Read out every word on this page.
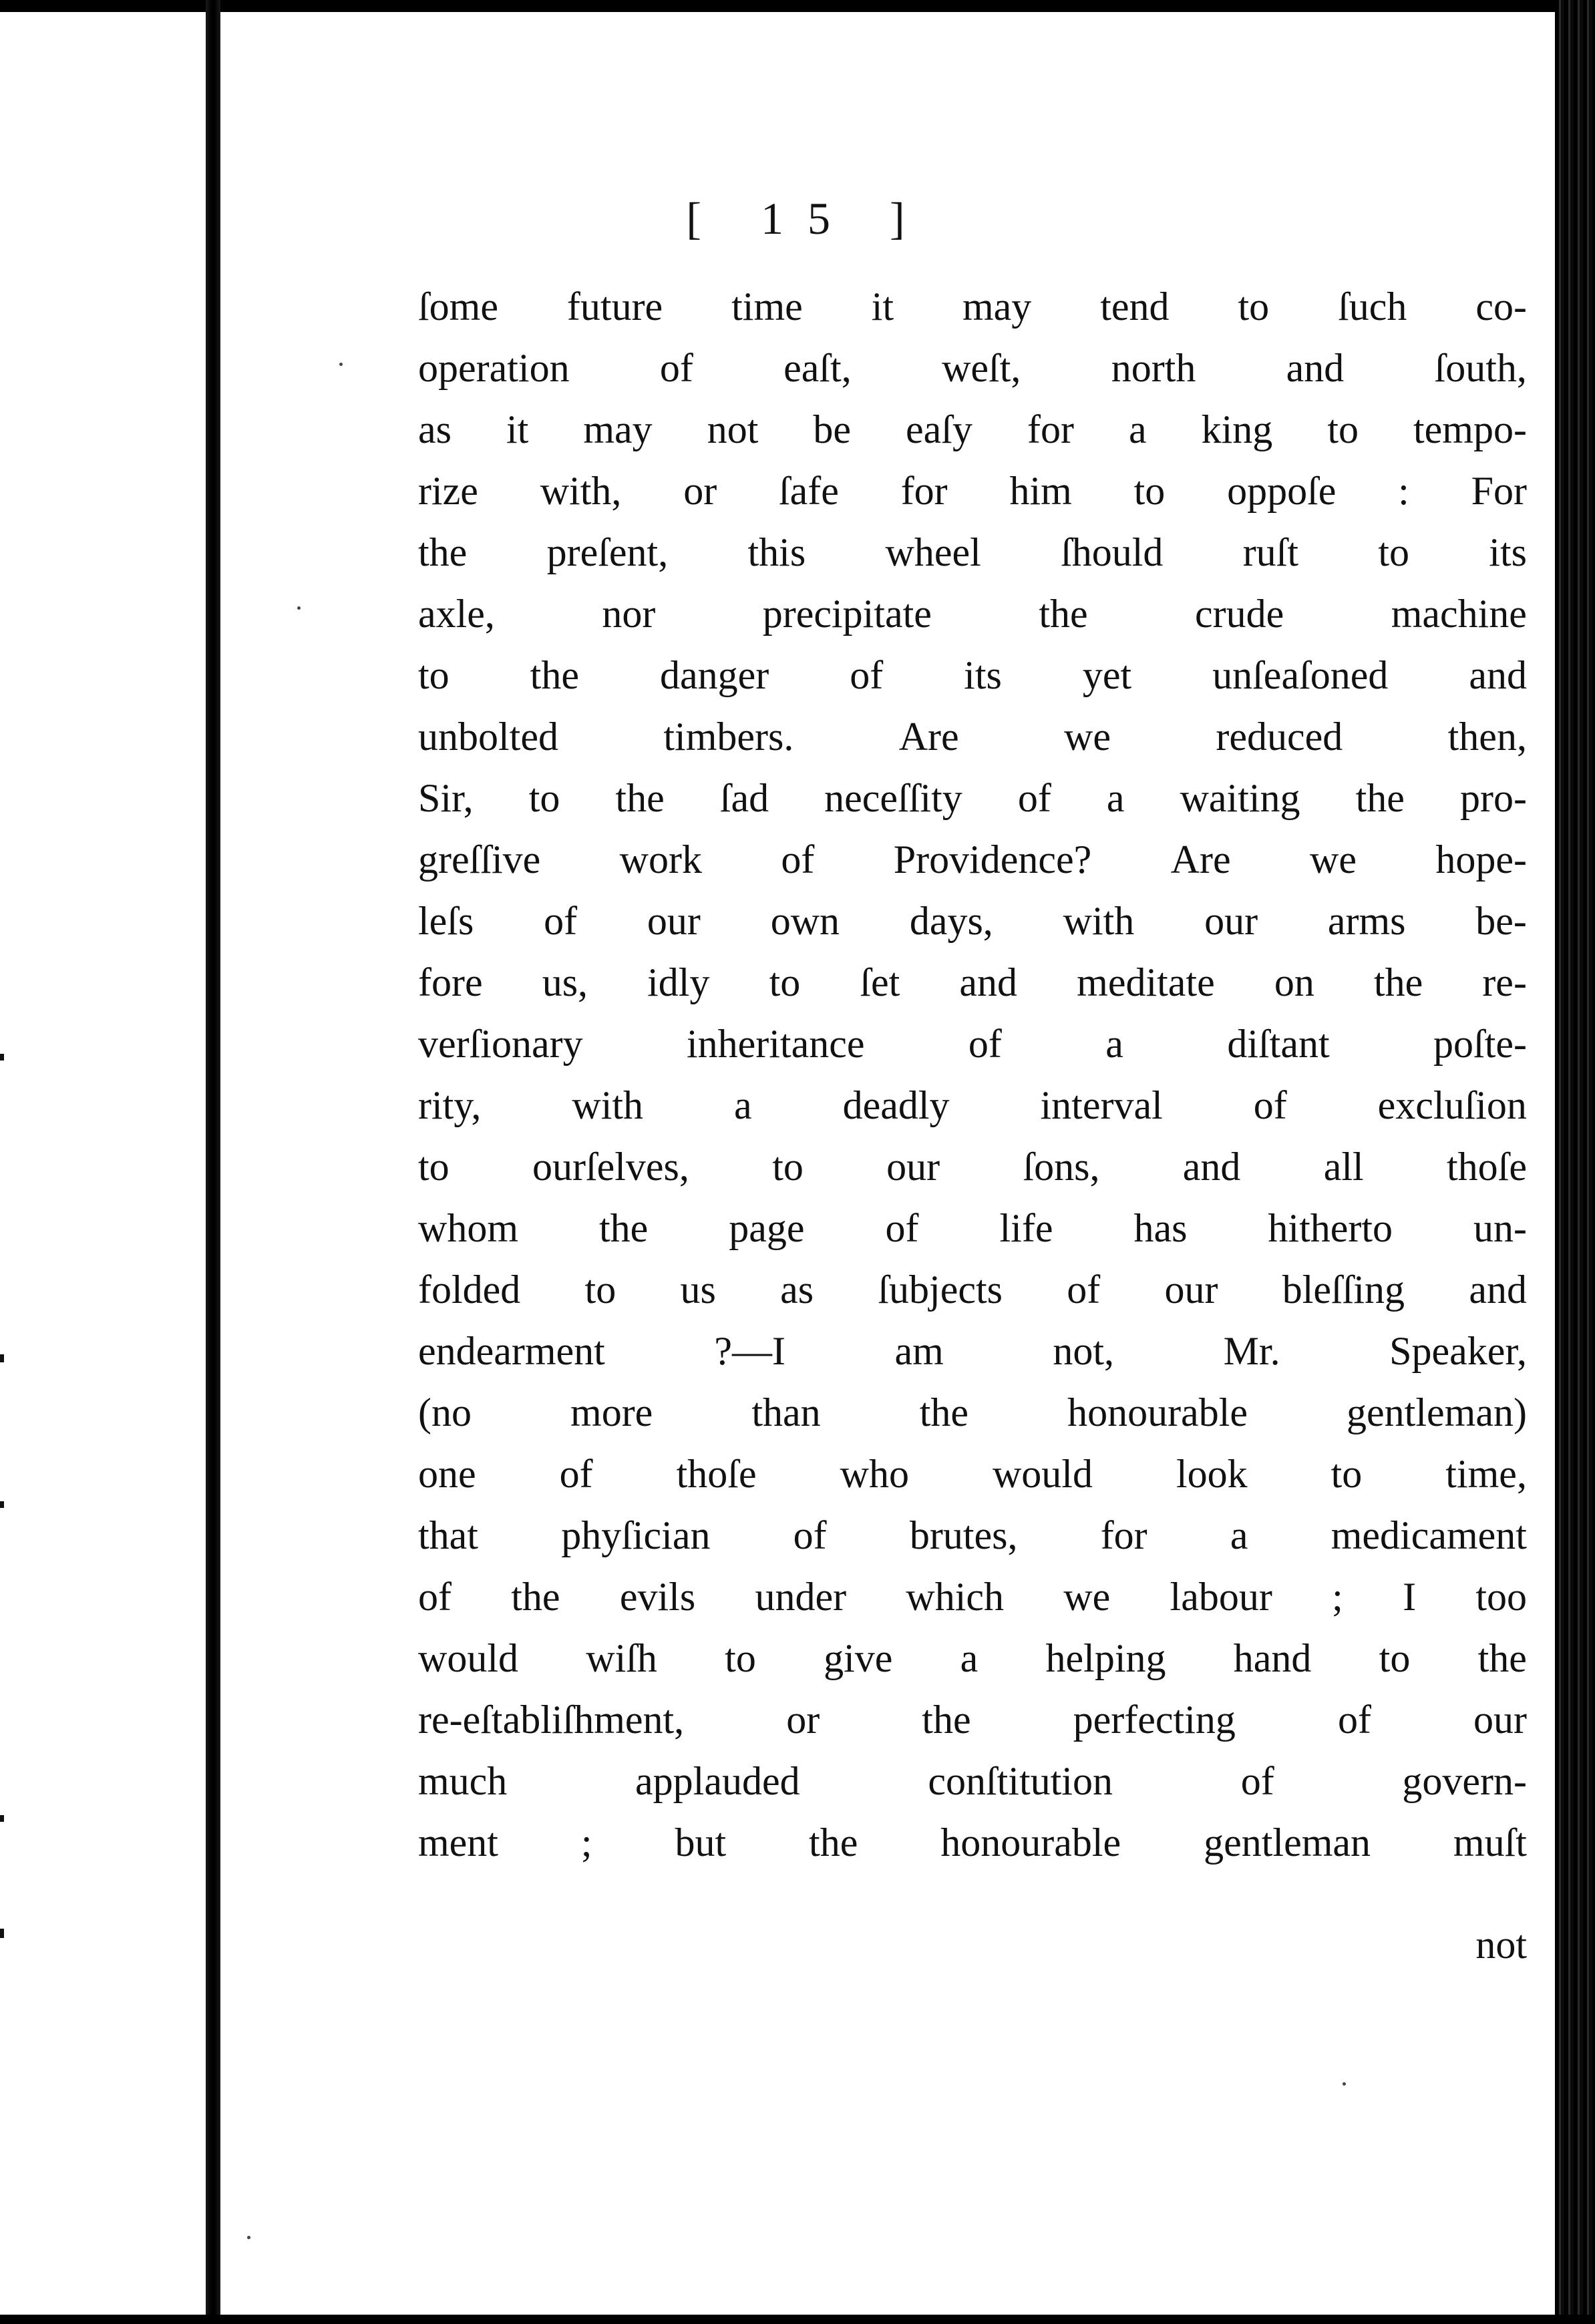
[ 15 ]
ſome future time it may tend to ſuch co-
operation of eaſt, weſt, north and ſouth,
as it may not be eaſy for a king to tempo-
rize with, or ſafe for him to oppoſe : For
the preſent, this wheel ſhould ruſt to its
axle,	nor	precipitate	the	crude	machine
to the danger of its yet unſeaſoned and
unbolted	timbers.	Are	we	reduced	then,
Sir, to the ſad neceſſity of a waiting the pro-
greſſive work of Providence? Are we hope-
leſs of our own days, with our arms be-
fore us, idly to ſet and meditate on the re-
verſionary	inheritance	of	a	diſtant	poſte-
rity, with a deadly interval of excluſion
to ourſelves, to our ſons, and all thoſe
whom the page of life has hitherto un-
folded to us as ſubjects of our bleſſing and
endearment	?—I	am	not,	Mr.	Speaker,
(no more than the honourable gentleman)
one of thoſe who would look to time,
that phyſician of brutes, for a medicament
of the evils under which we labour ; I too
would wiſh to give a helping hand to the
re-eſtabliſhment,	or	the	perfecting	of	our
much	applauded	conſtitution	of	govern-
ment ; but the honourable gentleman muſt
not
